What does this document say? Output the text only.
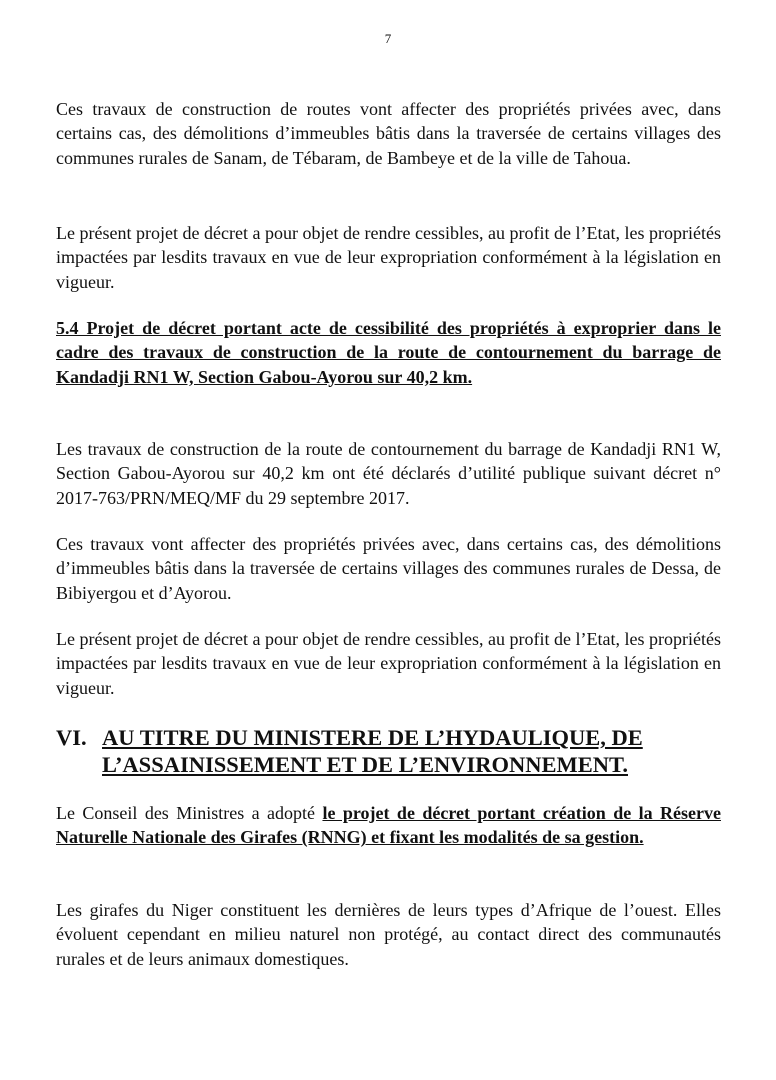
7
Ces travaux de construction de routes vont affecter des propriétés privées avec, dans certains cas, des démolitions d’immeubles bâtis dans la traversée de certains villages des communes rurales de Sanam, de Tébaram, de Bambeye et de la ville de Tahoua.
Le présent projet de décret a pour objet de rendre cessibles, au profit de l’Etat, les propriétés impactées par lesdits travaux en vue de leur expropriation conformément à la législation en vigueur.
5.4 Projet de décret portant acte de cessibilité des propriétés à exproprier dans le cadre des travaux de construction de la route de contournement du barrage de Kandadji RN1 W, Section Gabou-Ayorou sur 40,2 km.
Les travaux de construction de la route de contournement du barrage de Kandadji RN1 W, Section Gabou-Ayorou sur 40,2 km ont été déclarés d’utilité publique suivant décret n° 2017-763/PRN/MEQ/MF du 29 septembre 2017.
Ces travaux vont affecter des propriétés privées avec, dans certains cas, des démolitions d’immeubles bâtis dans la traversée de certains villages des communes rurales de Dessa, de Bibiyergou et d’Ayorou.
Le présent projet de décret a pour objet de rendre cessibles, au profit de l’Etat, les propriétés impactées par lesdits travaux en vue de leur expropriation conformément à la législation en vigueur.
VI. AU TITRE DU MINISTERE DE L’HYDAULIQUE, DE L’ASSAINISSEMENT ET DE L’ENVIRONNEMENT.
Le Conseil des Ministres a adopté le projet de décret portant création de la Réserve Naturelle Nationale des Girafes (RNNG) et fixant les modalités de sa gestion.
Les girafes du Niger constituent les dernières de leurs types d’Afrique de l’ouest. Elles évoluent cependant en milieu naturel non protégé, au contact direct des communautés rurales et de leurs animaux domestiques.
